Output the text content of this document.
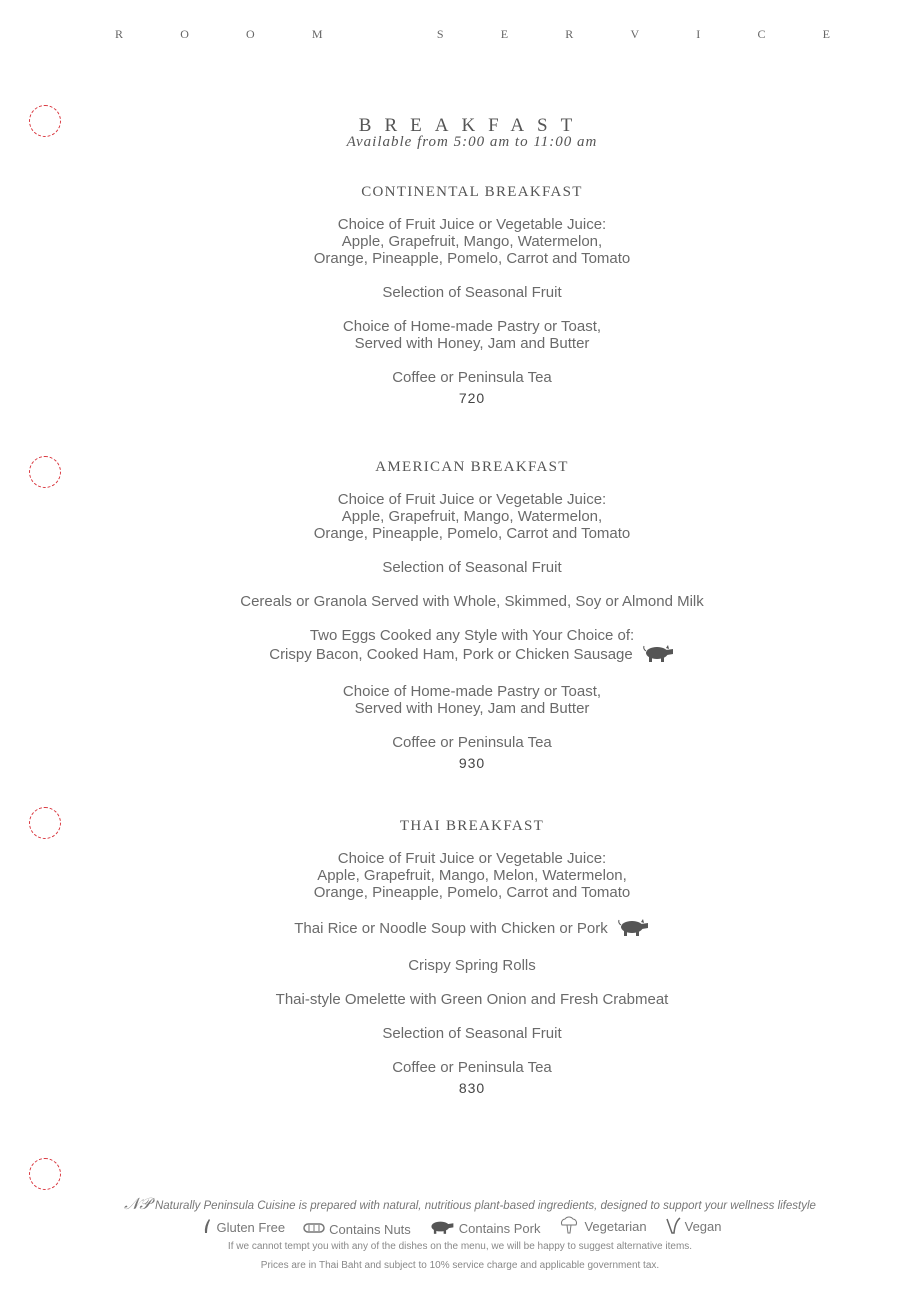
R	O	O	M	S	E	R	V	I	C	E
BREAKFAST
Available from 5:00 am to 11:00 am
CONTINENTAL BREAKFAST
Choice of Fruit Juice or Vegetable Juice:
Apple, Grapefruit, Mango, Watermelon,
Orange, Pineapple, Pomelo, Carrot and Tomato
Selection of Seasonal Fruit
Choice of Home-made Pastry or Toast,
Served with Honey, Jam and Butter
Coffee or Peninsula Tea
720
AMERICAN BREAKFAST
Choice of Fruit Juice or Vegetable Juice:
Apple, Grapefruit, Mango, Watermelon,
Orange, Pineapple, Pomelo, Carrot and Tomato
Selection of Seasonal Fruit
Cereals or Granola Served with Whole, Skimmed, Soy or Almond Milk
Two Eggs Cooked any Style with Your Choice of:
Crispy Bacon, Cooked Ham, Pork or Chicken Sausage
Choice of Home-made Pastry or Toast,
Served with Honey, Jam and Butter
Coffee or Peninsula Tea
930
THAI BREAKFAST
Choice of Fruit Juice or Vegetable Juice:
Apple, Grapefruit, Mango, Melon, Watermelon,
Orange, Pineapple, Pomelo, Carrot and Tomato
Thai Rice or Noodle Soup with Chicken or Pork
Crispy Spring Rolls
Thai-style Omelette with Green Onion and Fresh Crabmeat
Selection of Seasonal Fruit
Coffee or Peninsula Tea
830
𝒩𝒫 Naturally Peninsula Cuisine is prepared with natural, nutritious plant-based ingredients, designed to support your wellness lifestyle
Gluten Free	Contains Nuts	Contains Pork	Vegetarian	Vegan
If we cannot tempt you with any of the dishes on the menu, we will be happy to suggest alternative items.
Prices are in Thai Baht and subject to 10% service charge and applicable government tax.
